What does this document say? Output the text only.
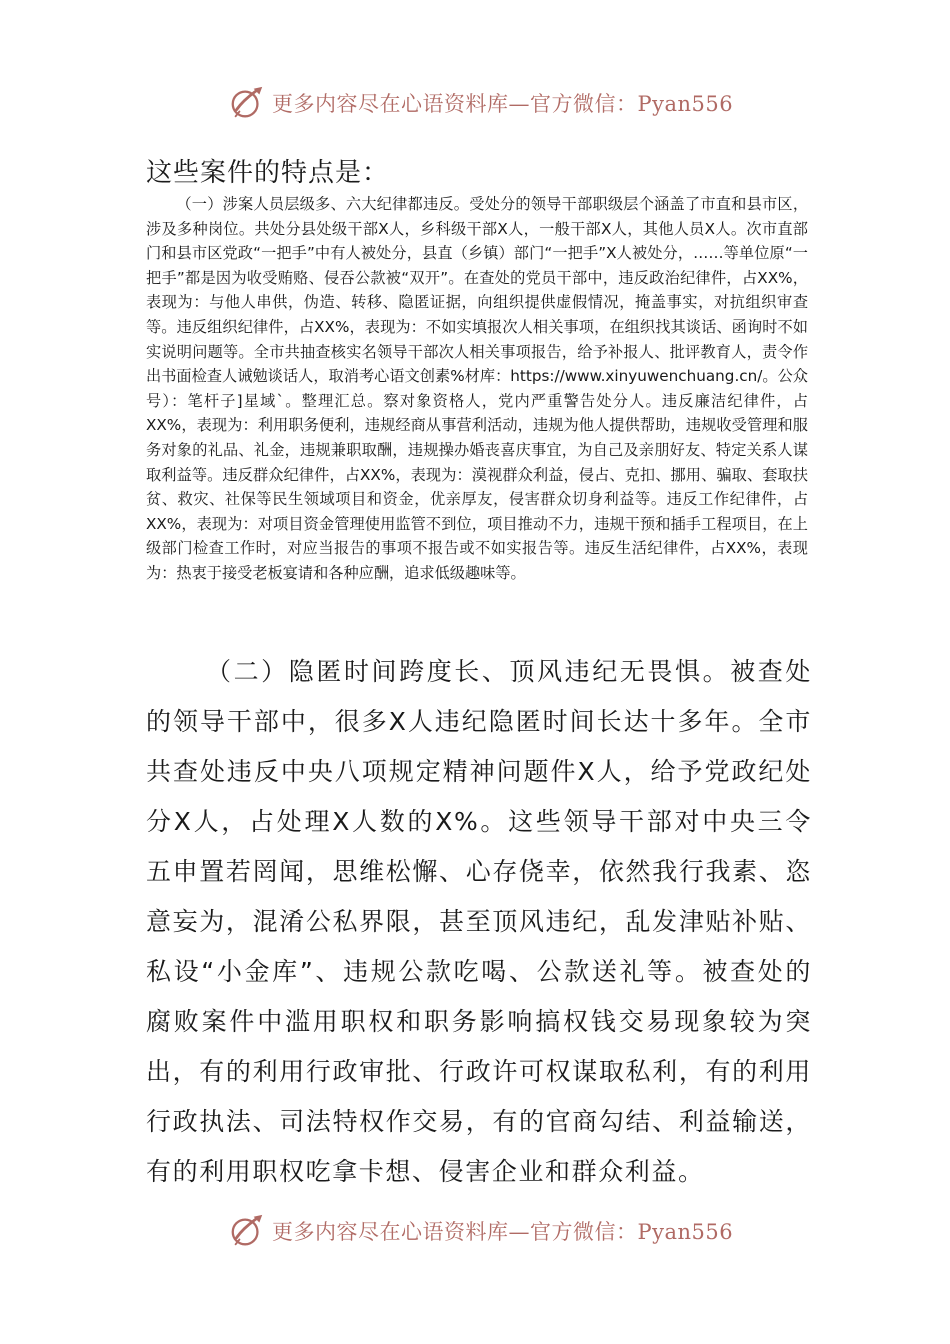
更多内容尽在心语资料库—官方微信：Pyan556
这些案件的特点是：

（一）涉案人员层级多、六大纪律都违反。受处分的领导干部职级层个涵盖了市直和县市区，涉及多种岗位。共处分县处级干部X人，乡科级干部X人，一般干部X人，其他人员X人。次市直部门和县市区党政“一把手”中有人被处分，县直（乡镇）部门“一把手”X人被处分，……等单位原“一把手”都是因为收受贿赂、侵吞公款被“双开”。在查处的党员干部中，违反政治纪律件，占XX%，表现为：与他人串供，伪造、转移、隐匿证据，向组织提供虚假情况，掩盖事实，对抗组织审查等。违反组织纪律件，占XX%，表现为：不如实填报次人相关事项，在组织找其谈话、函询时不如实说明问题等。全市共抽查核实名领导干部次人相关事项报告，给予补报人、批评教育人，责令作出书面检查人诫勉谈话人，取消考心语文创素%材库：https://www.xinyuwenchuang.cn/。公众号）：笔杆子]星域`。整理汇总。察对象资格人，党内严重警告处分人。违反廉洁纪律件，占XX%，表现为：利用职务便利，违规经商从事营利活动，违规为他人提供帮助，违规收受管理和服务对象的礼品、礼金，违规兼职取酬，违规操办婚丧喜庆事宜，为自己及亲朋好友、特定关系人谋取利益等。违反群众纪律件，占XX%，表现为：漠视群众利益，侵占、克扣、挪用、骗取、套取扶贫、救灾、社保等民生领域项目和资金，优亲厚友，侵害群众切身利益等。违反工作纪律件，占XX%，表现为：对项目资金管理使用监管不到位，项目推动不力，违规干预和插手工程项目，在上级部门检查工作时，对应当报告的事项不报告或不如实报告等。违反生活纪律件，占XX%，表现为：热衷于接受老板宴请和各种应酬，追求低级趣味等。

（二）隐匿时间跨度长、顶风违纪无畏惧。被查处的领导干部中，很多X人违纪隐匿时间长达十多年。全市共查处违反中央八项规定精神问题件X人，给予党政纪处分X人，占处理X人数的X%。这些领导干部对中央三令五申置若罔闻，思维松懈、心存侥幸，依然我行我素、恣意妄为，混淆公私界限，甚至顶风违纪，乱发津贴补贴、私设“小金库”、违规公款吃喝、公款送礼等。被查处的腐败案件中滥用职权和职务影响搞权钱交易现象较为突出，有的利用行政审批、行政许可权谋取私利，有的利用行政执法、司法特权作交易，有的官商勾结、利益输送，有的利用职权吃拿卡想、侵害企业和群众利益。

更多内容尽在心语资料库—官方微信：Pyan556
